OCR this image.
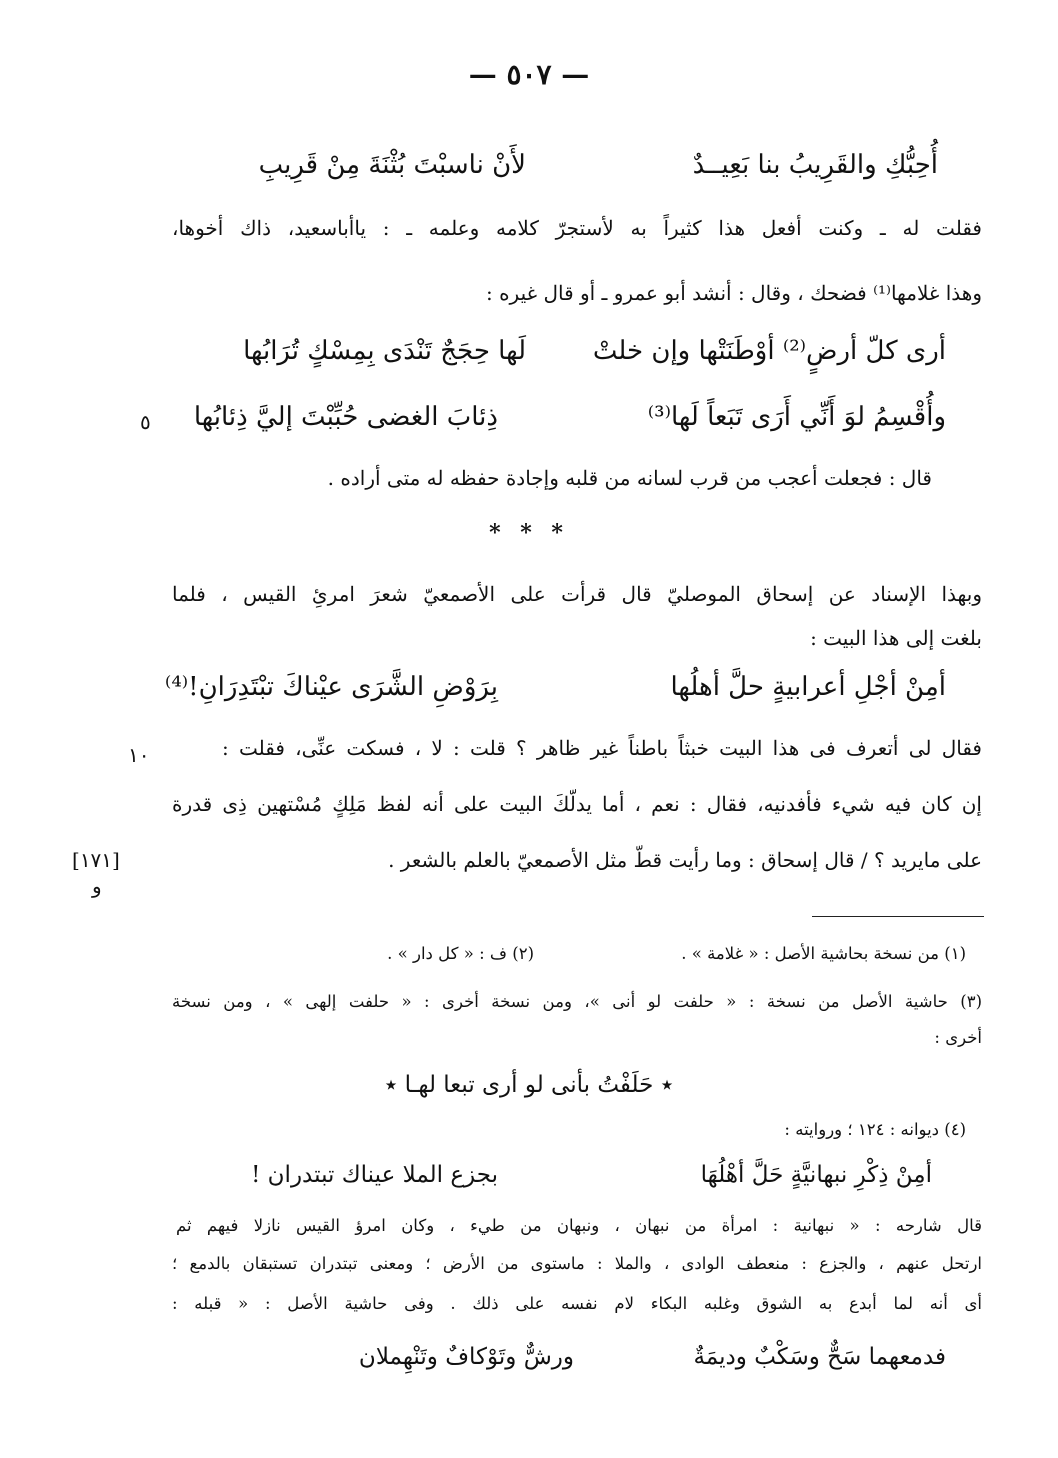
— ٥٠٧ —
أُحِبُّكِ والقَرِيبُ بنا بَعِيــدٌ
لأَنْ ناسبْتَ بُثْنَةَ مِنْ قَرِيبِ
فقلت له ـ وكنت أفعل هذا كثيراً به لأستجرّ كلامه وعلمه ـ : ياأباسعيد، ذاك أخوها،
وهذا غلامها⁽¹⁾ فضحك ، وقال : أنشد أبو عمرو ـ أو قال غيره :
أرى كلّ أرضٍ⁽²⁾ أوْطَنَتْها وإن خلتْ
لَها حِجَجٌ تَنْدَى بِمِسْكٍ تُرَابُها
وأُقْسِمُ لوَ أَنِّي أَرَى تَبَعاً لَها⁽³⁾
ذِئابَ الغضى حُبِّبْتَ إليَّ ذِئابُها
٥
قال : فجعلت أعجب من قرب لسانه من قلبه وإجادة حفظه له متى أراده .
* * *
وبهذا الإسناد عن إسحاق الموصليّ قال قرأت على الأصمعيّ شعرَ امرئِ القيس ، فلما
بلغت إلى هذا البيت :
أمِنْ أجْلِ أعرابيةٍ حلَّ أهلُها
بِرَوْضِ الشَّرَى عيْناكَ تبْتَدِرَانِ!⁽⁴⁾
فقال لى أتعرف فى هذا البيت خبثاً باطناً غير ظاهر ؟ قلت : لا ، فسكت عنِّى، فقلت :
١٠
إن كان فيه شيء فأفدنيه، فقال : نعم ، أما يدلّكَ البيت على أنه لفظ مَلِكٍ مُسْتهين ذِى قدرة
على مايريد ؟ / قال إسحاق : وما رأيت قطّ مثل الأصمعيّ بالعلم بالشعر .
[١٧١]
و
(١) من نسخة بحاشية الأصل : « غلامة » .
(٢) ف : « كل دار » .
(٣) حاشية الأصل من نسخة : « حلفت لو أنى »، ومن نسخة أخرى : « حلفت إلهى » ، ومن نسخة
أخرى :
٭ حَلَفْتُ بأنى لو أرى تبعا لهـا ٭
(٤) ديوانه : ١٢٤ ؛ وروايته :
أمِنْ ذِكْرِ نبهانيَّةٍ حَلَّ أهْلُهَا
بجزع الملا عيناك تبتدران !
قال شارحه : « نبهانية : امرأة من نبهان ، ونبهان من طيء ، وكان امرؤ القيس نازلا فيهم ثم
ارتحل عنهم ، والجزع : منعطف الوادى ، والملا : ماستوى من الأرض ؛ ومعنى تبتدران تستبقان بالدمع ؛
أى أنه لما أبدع به الشوق وغلبه البكاء لام نفسه على ذلك . وفى حاشية الأصل : « قبله :
فدمعهما سَحٌّ وسَكْبٌ وديمَةٌ
ورشٌّ وتَوْكافٌ وتَنْهِملان
